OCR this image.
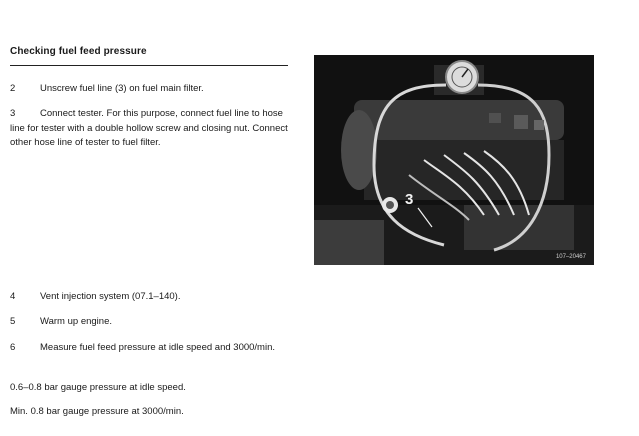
Checking fuel feed pressure

2	Unscrew fuel line (3) on fuel main filter.

3	Connect tester. For this purpose, connect fuel line to hose line for tester with a double hollow screw and closing nut. Connect other hose line of tester to fuel filter.

4	Vent injection system (07.1–140).

5	Warm up engine.

6	Measure fuel feed pressure at idle speed and 3000/min.

0.6–0.8 bar gauge pressure at idle speed.

Min. 0.8 bar gauge pressure at 3000/min.

3
107–20467
